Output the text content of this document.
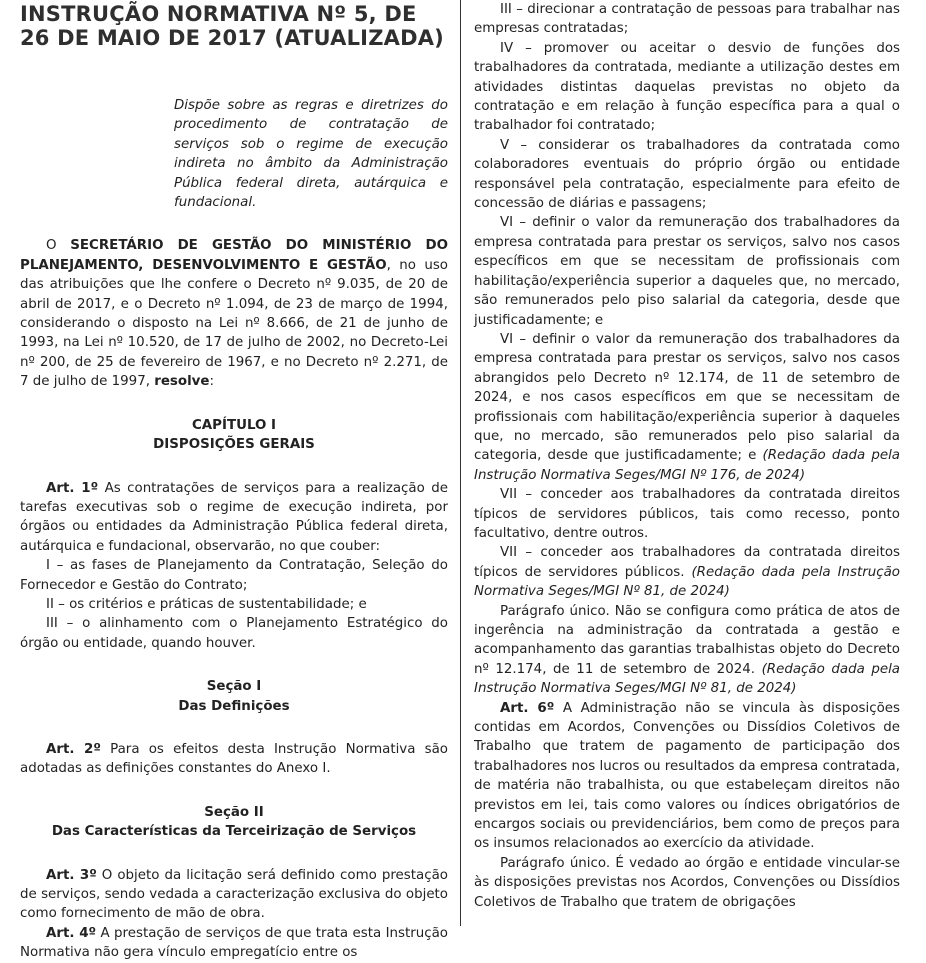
INSTRUÇÃO NORMATIVA Nº 5, DE 26 DE MAIO DE 2017 (ATUALIZADA)

Dispõe sobre as regras e diretrizes do procedimento de contratação de serviços sob o regime de execução indireta no âmbito da Administração Pública federal direta, autárquica e fundacional.

O SECRETÁRIO DE GESTÃO DO MINISTÉRIO DO PLANEJAMENTO, DESENVOLVIMENTO E GESTÃO, no uso das atribuições que lhe confere o Decreto nº 9.035, de 20 de abril de 2017, e o Decreto nº 1.094, de 23 de março de 1994, considerando o disposto na Lei nº 8.666, de 21 de junho de 1993, na Lei nº 10.520, de 17 de julho de 2002, no Decreto-Lei nº 200, de 25 de fevereiro de 1967, e no Decreto nº 2.271, de 7 de julho de 1997, resolve:

CAPÍTULO I

DISPOSIÇÕES GERAIS

Art. 1º As contratações de serviços para a realização de tarefas executivas sob o regime de execução indireta, por órgãos ou entidades da Administração Pública federal direta, autárquica e fundacional, observarão, no que couber:

I – as fases de Planejamento da Contratação, Seleção do Fornecedor e Gestão do Contrato;

II – os critérios e práticas de sustentabilidade; e

III – o alinhamento com o Planejamento Estratégico do órgão ou entidade, quando houver.

Seção I

Das Definições

Art. 2º Para os efeitos desta Instrução Normativa são adotadas as definições constantes do Anexo I.

Seção II

Das Características da Terceirização de Serviços

Art. 3º O objeto da licitação será definido como prestação de serviços, sendo vedada a caracterização exclusiva do objeto como fornecimento de mão de obra.

Art. 4º A prestação de serviços de que trata esta Instrução Normativa não gera vínculo empregatício entre os

III – direcionar a contratação de pessoas para trabalhar nas empresas contratadas;

IV – promover ou aceitar o desvio de funções dos trabalhadores da contratada, mediante a utilização destes em atividades distintas daquelas previstas no objeto da contratação e em relação à função específica para a qual o trabalhador foi contratado;

V – considerar os trabalhadores da contratada como colaboradores eventuais do próprio órgão ou entidade responsável pela contratação, especialmente para efeito de concessão de diárias e passagens;

VI – definir o valor da remuneração dos trabalhadores da empresa contratada para prestar os serviços, salvo nos casos específicos em que se necessitam de profissionais com habilitação/experiência superior a daqueles que, no mercado, são remunerados pelo piso salarial da categoria, desde que justificadamente; e

VI – definir o valor da remuneração dos trabalhadores da empresa contratada para prestar os serviços, salvo nos casos abrangidos pelo Decreto nº 12.174, de 11 de setembro de 2024, e nos casos específicos em que se necessitam de profissionais com habilitação/experiência superior à daqueles que, no mercado, são remunerados pelo piso salarial da categoria, desde que justificadamente; e (Redação dada pela Instrução Normativa Seges/MGI Nº 176, de 2024)

VII – conceder aos trabalhadores da contratada direitos típicos de servidores públicos, tais como recesso, ponto facultativo, dentre outros.

VII – conceder aos trabalhadores da contratada direitos típicos de servidores públicos. (Redação dada pela Instrução Normativa Seges/MGI Nº 81, de 2024)

Parágrafo único. Não se configura como prática de atos de ingerência na administração da contratada a gestão e acompanhamento das garantias trabalhistas objeto do Decreto nº 12.174, de 11 de setembro de 2024. (Redação dada pela Instrução Normativa Seges/MGI Nº 81, de 2024)

Art. 6º A Administração não se vincula às disposições contidas em Acordos, Convenções ou Dissídios Coletivos de Trabalho que tratem de pagamento de participação dos trabalhadores nos lucros ou resultados da empresa contratada, de matéria não trabalhista, ou que estabeleçam direitos não previstos em lei, tais como valores ou índices obrigatórios de encargos sociais ou previdenciários, bem como de preços para os insumos relacionados ao exercício da atividade.

Parágrafo único. É vedado ao órgão e entidade vincular-se às disposições previstas nos Acordos, Convenções ou Dissídios Coletivos de Trabalho que tratem de obrigações
